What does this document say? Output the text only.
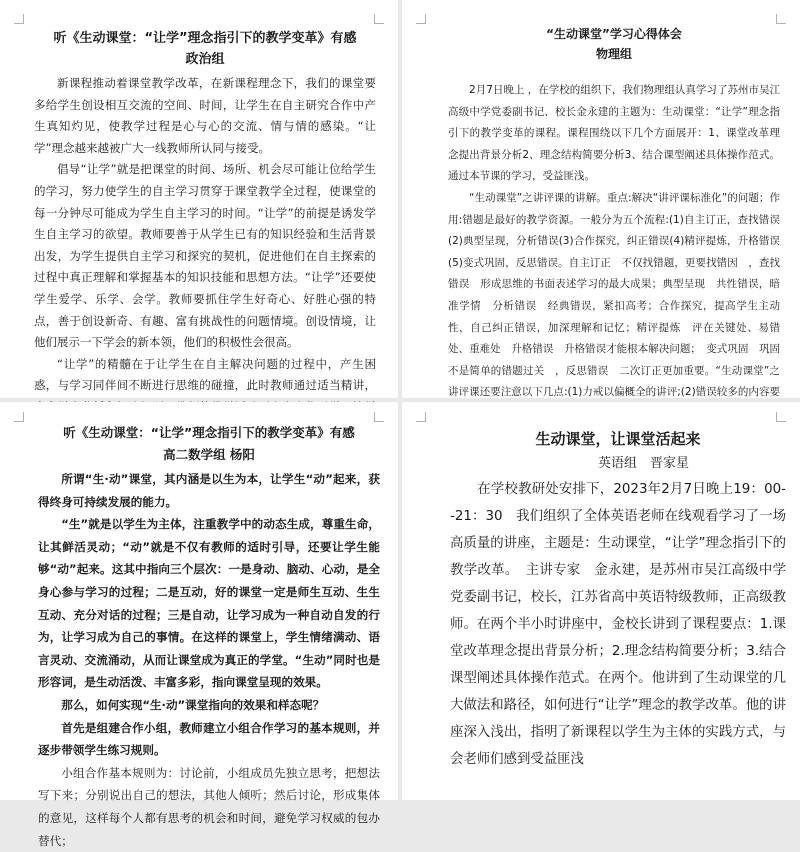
听《生动课堂：“让学”理念指引下的教学变革》有感

政治组

新课程推动着课堂教学改革，在新课程理念下，我们的课堂要多给学生创设相互交流的空间、时间，让学生在自主研究合作中产生真知灼见，使教学过程是心与心的交流、情与情的感染。“让学”理念越来越被广大一线教师所认同与接受。

倡导“让学”就是把课堂的时间、场所、机会尽可能让位给学生的学习，努力使学生的自主学习贯穿于课堂教学全过程，使课堂的每一分钟尽可能成为学生自主学习的时间。“让学”的前提是诱发学生自主学习的欲望。教师要善于从学生已有的知识经验和生活背景出发，为学生提供自主学习和探究的契机，促进他们在自主探索的过程中真正理解和掌握基本的知识技能和思想方法。“让学”还要使学生爱学、乐学、会学。教师要抓住学生好奇心、好胜心强的特点，善于创设新奇、有趣、富有挑战性的问题情境。创设情境，让他们展示一下学会的新本领，他们的积极性会很高。

“让学”的精髓在于让学生在自主解决问题的过程中，产生困惑，与学习同伴间不断进行思维的碰撞，此时教师通过适当精讲，

“生动课堂”学习心得体会

物理组

2月7日晚上 ，在学校的组织下，我们物理组认真学习了苏州市吴江高级中学党委副书记、校长金永建的主题为：生动课堂：“让学”理念指引下的教学变革的课程。课程围绕以下几个方面展开：1、课堂改革理念提出背景分析2、理念结构简要分析3、结合课型阐述具体操作范式。通过本节课的学习，受益匪浅。

“生动课堂”之讲评课的讲解。重点:解决“讲评课标准化”的问题；作用:错题是最好的教学资源。一般分为五个流程:(1)自主订正，查找错误(2)典型呈现，分析错误(3)合作探究，纠正错误(4)精评提炼，升格错误(5)变式巩固，反思错误。自主订正　不仅找错题，更要找错因　，查找错误　形成思维的书面表述学习的最大成果；典型呈现　共性错误，暗准学情　分析错误　经典错误，紧扣高考；合作探究，提高学生主动性，自己纠正错误，加深理解和记忆；精评提炼　评在关键处、易错处、重难处　升格错误　升格错误才能根本解决问题；　变式巩固　巩固不是简单的错题过关　，反思错误　二次订正更加重要。“生动课堂”之讲评课还要注意以下几点:(1)力戒以偏概全的讲评;(2)错误较多的内容要

听《生动课堂：“让学”理念指引下的教学变革》有感

高二数学组 杨阳

所谓“生·动”课堂，其内涵是以生为本，让学生“动”起来，获得终身可持续发展的能力。

“生”就是以学生为主体，注重教学中的动态生成，尊重生命，让其鲜活灵动；“动”就是不仅有教师的适时引导，还要让学生能够“动”起来。这其中指向三个层次：一是身动、脑动、心动，是全身心参与学习的过程；二是互动，好的课堂一定是师生互动、生生互动、充分对话的过程；三是自动，让学习成为一种自动自发的行为，让学习成为自己的事情。在这样的课堂上，学生情绪满动、语言灵动、交流涌动，从而让课堂成为真正的学堂。“生动”同时也是形容词，是生动活泼、丰富多彩，指向课堂呈现的效果。

那么，如何实现“生·动”课堂指向的效果和样态呢？

首先是组建合作小组，教师建立小组合作学习的基本规则，并逐步带领学生练习规则。

小组合作基本规则为：讨论前，小组成员先独立思考，把想法写下来；分别说出自己的想法，其他人倾听；然后讨论，形成集体的意见，这样每个人都有思考的机会和时间，避免学习权威的包办替代；

生动课堂，让课堂活起来

英语组　晋家星

　　在学校教研处安排下，2023年2月7日晚上19：00--21：30　我们组织了全体英语老师在线观看学习了一场高质量的讲座，主题是：生动课堂，“让学”理念指引下的教学改革。　主讲专家　金永建，是苏州市吴江高级中学党委副书记，校长，江苏省高中英语特级教师，正高级教师。在两个半小时讲座中，金校长讲到了课程要点：1.课堂改革理念提出背景分析；2.理念结构简要分析；3.结合课型阐述具体操作范式。在两个。他讲到了生动课堂的几大做法和路径，如何进行“让学”理念的教学改革。他的讲座深入浅出，指明了新课程以学生为主体的实践方式，与会老师们感到受益匪浅
